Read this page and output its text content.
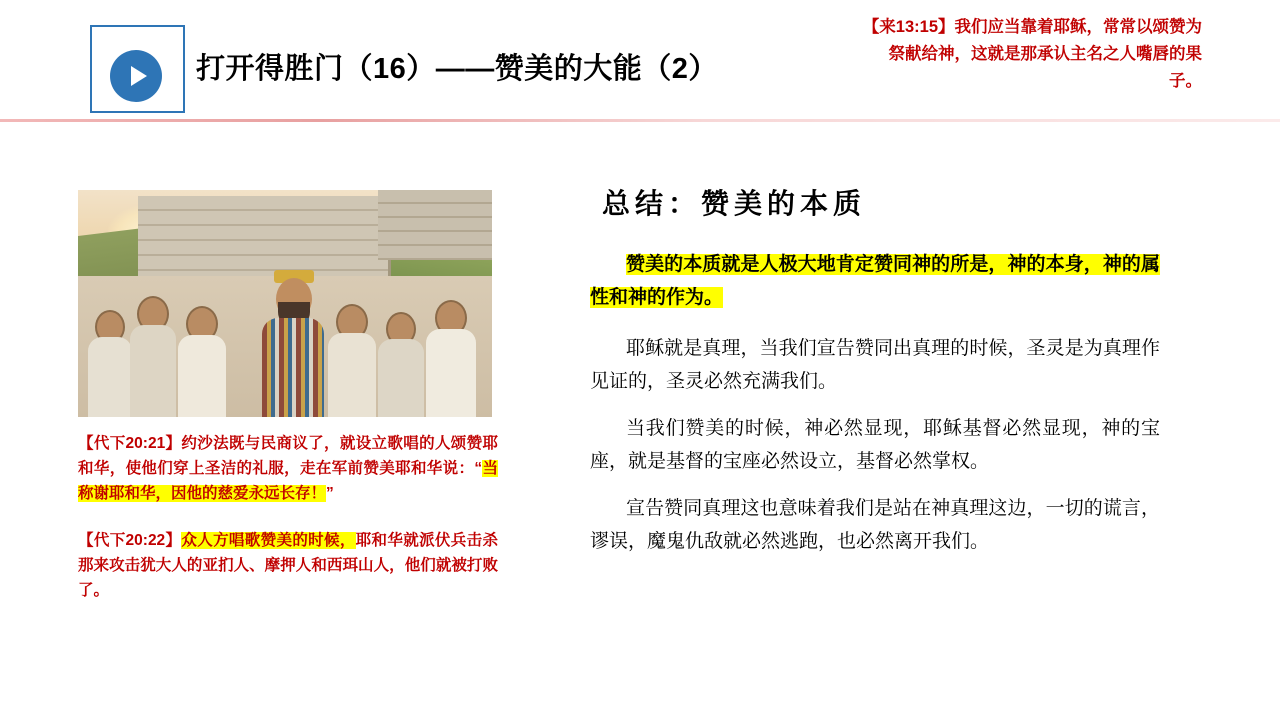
打开得胜门（16）——赞美的大能（2）
【来13:15】我们应当靠着耶稣，常常以颂赞为祭献给神，这就是那承认主名之人嘴唇的果子。
【代下20:21】约沙法既与民商议了，就设立歌唱的人颂赞耶和华，使他们穿上圣洁的礼服，走在军前赞美耶和华说：“当称谢耶和华，因他的慈爱永远长存！”
【代下20:22】众人方唱歌赞美的时候，耶和华就派伏兵击杀那来攻击犹大人的亚扪人、摩押人和西珥山人，他们就被打败了。
总结：赞美的本质

赞美的本质就是人极大地肯定赞同神的所是，神的本身，神的属性和神的作为。

耶稣就是真理，当我们宣告赞同出真理的时候，圣灵是为真理作见证的，圣灵必然充满我们。

当我们赞美的时候，神必然显现，耶稣基督必然显现，神的宝座，就是基督的宝座必然设立，基督必然掌权。

宣告赞同真理这也意味着我们是站在神真理这边，一切的谎言，谬误，魔鬼仇敌就必然逃跑，也必然离开我们。
